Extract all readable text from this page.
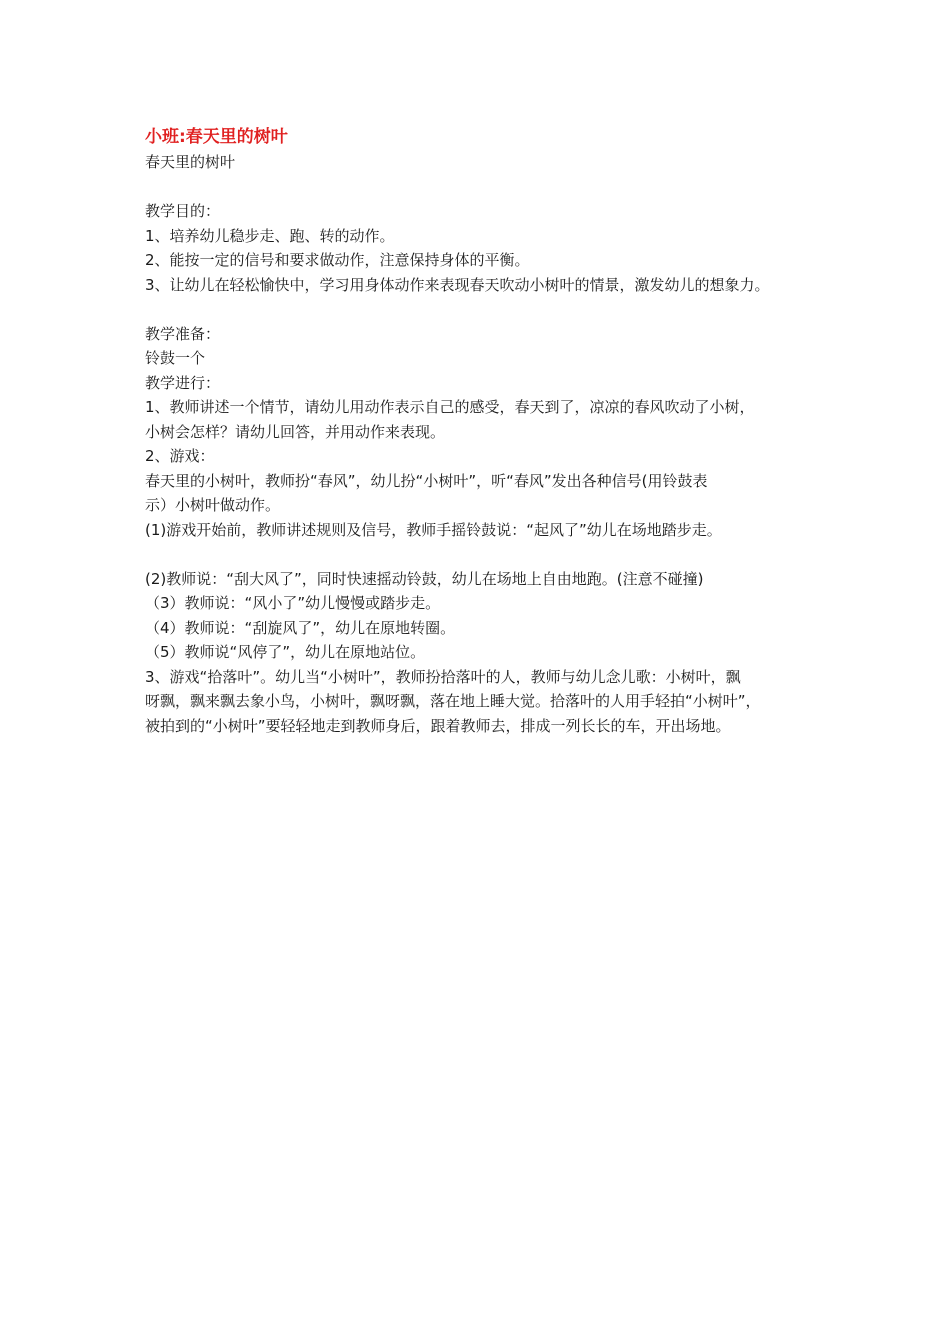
小班:春天里的树叶

春天里的树叶

教学目的：

1、培养幼儿稳步走、跑、转的动作。

2、能按一定的信号和要求做动作，注意保持身体的平衡。

3、让幼儿在轻松愉快中，学习用身体动作来表现春天吹动小树叶的情景，激发幼儿的想象力。

教学准备：

铃鼓一个

教学进行：

1、教师讲述一个情节，请幼儿用动作表示自己的感受，春天到了，凉凉的春风吹动了小树，

小树会怎样？请幼儿回答，并用动作来表现。

2、游戏：

春天里的小树叶，教师扮“春风”，幼儿扮“小树叶”，听“春风”发出各种信号(用铃鼓表

示）小树叶做动作。

(1)游戏开始前，教师讲述规则及信号，教师手摇铃鼓说：“起风了”幼儿在场地踏步走。

(2)教师说：“刮大风了”，同时快速摇动铃鼓，幼儿在场地上自由地跑。(注意不碰撞)

（3）教师说：“风小了”幼儿慢慢或踏步走。

（4）教师说：“刮旋风了”，幼儿在原地转圈。

（5）教师说“风停了”，幼儿在原地站位。

3、游戏“拾落叶”。幼儿当“小树叶”，教师扮拾落叶的人，教师与幼儿念儿歌：小树叶，飘

呀飘，飘来飘去象小鸟，小树叶，飘呀飘，落在地上睡大觉。拾落叶的人用手轻拍“小树叶”，

被拍到的“小树叶”要轻轻地走到教师身后，跟着教师去，排成一列长长的车，开出场地。
